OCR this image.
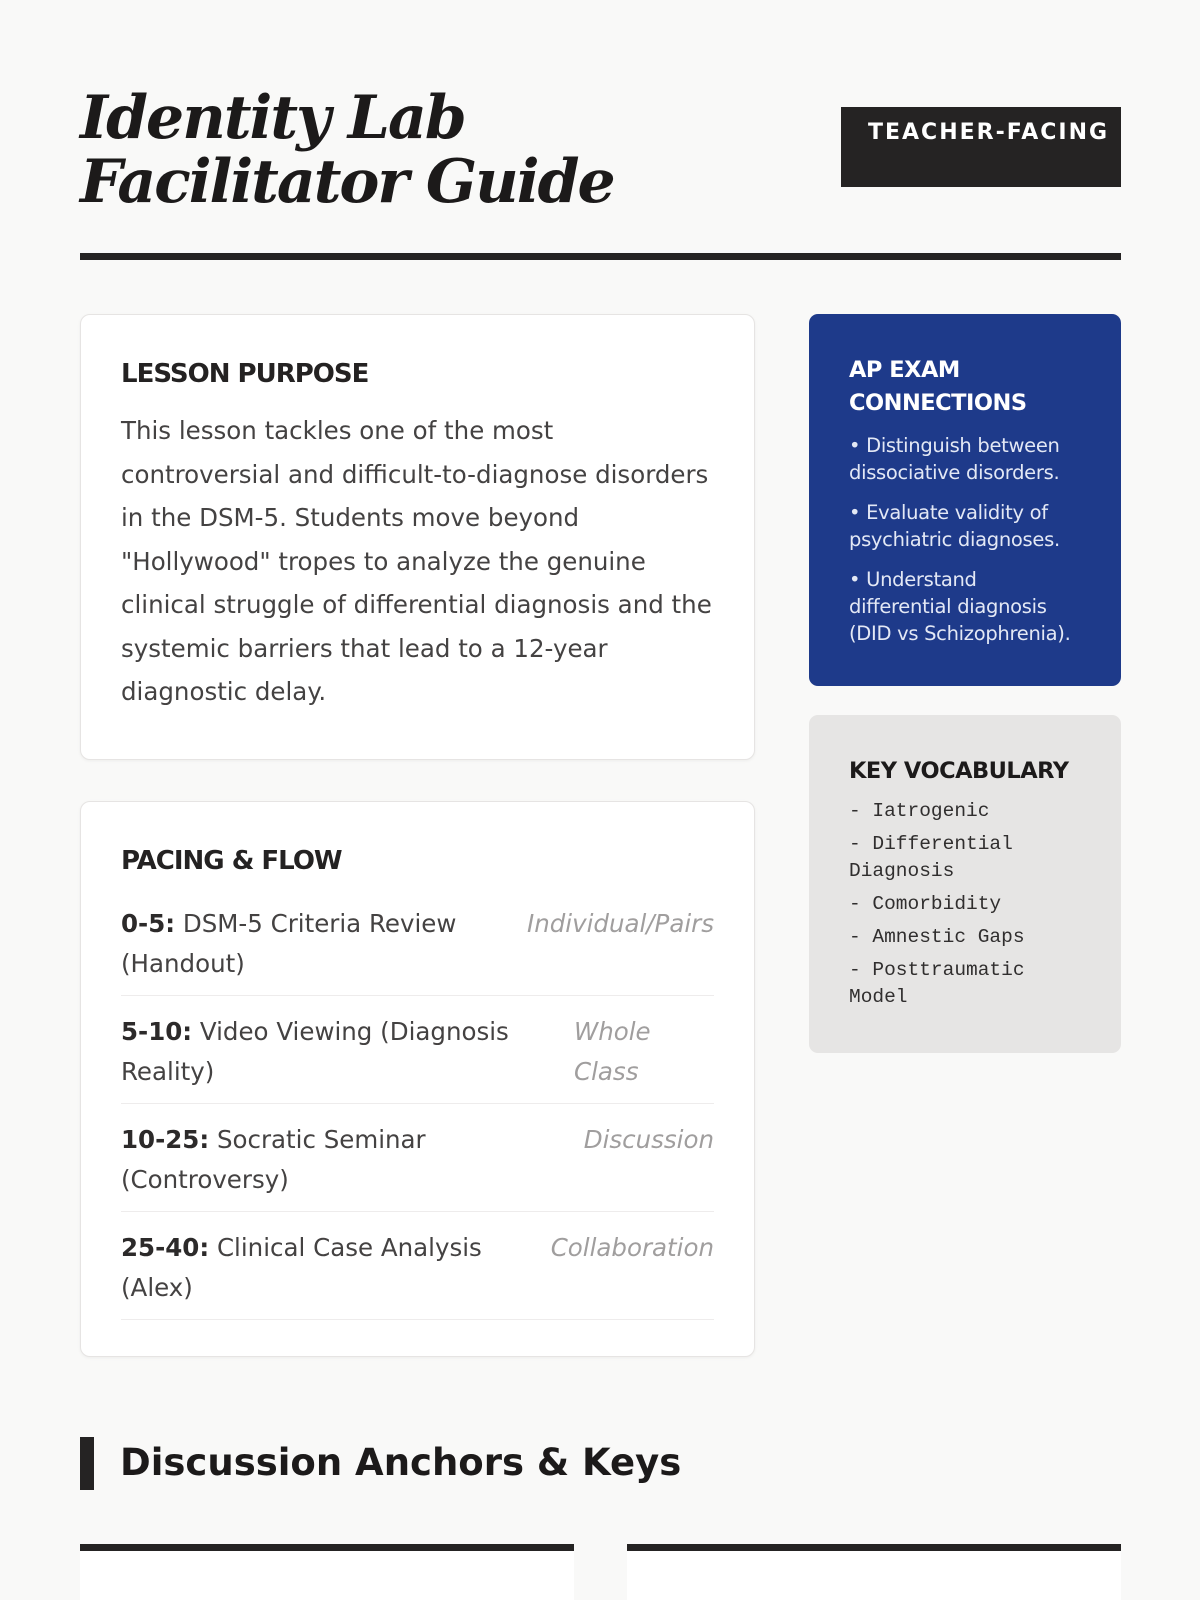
Identity Lab Facilitator Guide
TEACHER-FACING
LESSON PURPOSE

This lesson tackles one of the most controversial and difficult-to-diagnose disorders in the DSM-5. Students move beyond "Hollywood" tropes to analyze the genuine clinical struggle of differential diagnosis and the systemic barriers that lead to a 12-year diagnostic delay.

PACING & FLOW
0-5: DSM-5 Criteria Review (Handout)
Individual/Pairs
5-10: Video Viewing (Diagnosis Reality)
Whole Class
10-25: Socratic Seminar (Controversy)
Discussion
25-40: Clinical Case Analysis (Alex)
Collaboration
AP EXAM CONNECTIONS
• Distinguish between dissociative disorders.
• Evaluate validity of psychiatric diagnoses.
• Understand differential diagnosis (DID vs Schizophrenia).
KEY VOCABULARY
- Iatrogenic
- Differential Diagnosis
- Comorbidity
- Amnestic Gaps
- Posttraumatic Model
Discussion Anchors & Keys
